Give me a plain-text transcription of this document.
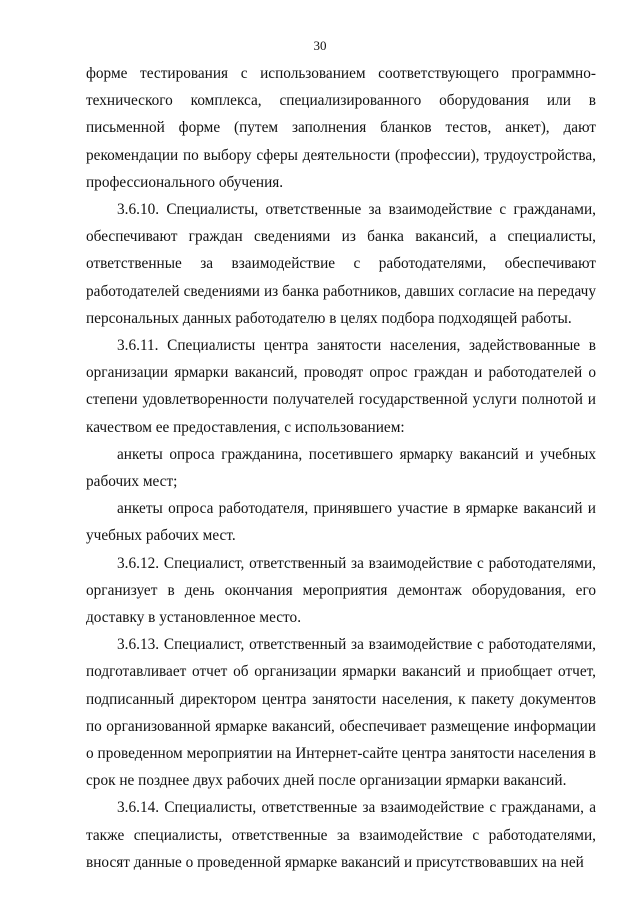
30

форме тестирования с использованием соответствующего программно-технического комплекса, специализированного оборудования или в письменной форме (путем заполнения бланков тестов, анкет), дают рекомендации по выбору сферы деятельности (профессии), трудоустройства, профессионального обучения.

3.6.10. Специалисты, ответственные за взаимодействие с гражданами, обеспечивают граждан сведениями из банка вакансий, а специалисты, ответственные за взаимодействие с работодателями, обеспечивают работодателей сведениями из банка работников, давших согласие на передачу персональных данных работодателю в целях подбора подходящей работы.

3.6.11. Специалисты центра занятости населения, задействованные в организации ярмарки вакансий, проводят опрос граждан и работодателей о степени удовлетворенности получателей государственной услуги полнотой и качеством ее предоставления, с использованием:

анкеты опроса гражданина, посетившего ярмарку вакансий и учебных рабочих мест;

анкеты опроса работодателя, принявшего участие в ярмарке вакансий и учебных рабочих мест.

3.6.12. Специалист, ответственный за взаимодействие с работодателями, организует в день окончания мероприятия демонтаж оборудования, его доставку в установленное место.

3.6.13. Специалист, ответственный за взаимодействие с работодателями, подготавливает отчет об организации ярмарки вакансий и приобщает отчет, подписанный директором центра занятости населения, к пакету документов по организованной ярмарке вакансий, обеспечивает размещение информации о проведенном мероприятии на Интернет-сайте центра занятости населения в срок не позднее двух рабочих дней после организации ярмарки вакансий.

3.6.14. Специалисты, ответственные за взаимодействие с гражданами, а также специалисты, ответственные за взаимодействие с работодателями, вносят данные о проведенной ярмарке вакансий и присутствовавших на ней
